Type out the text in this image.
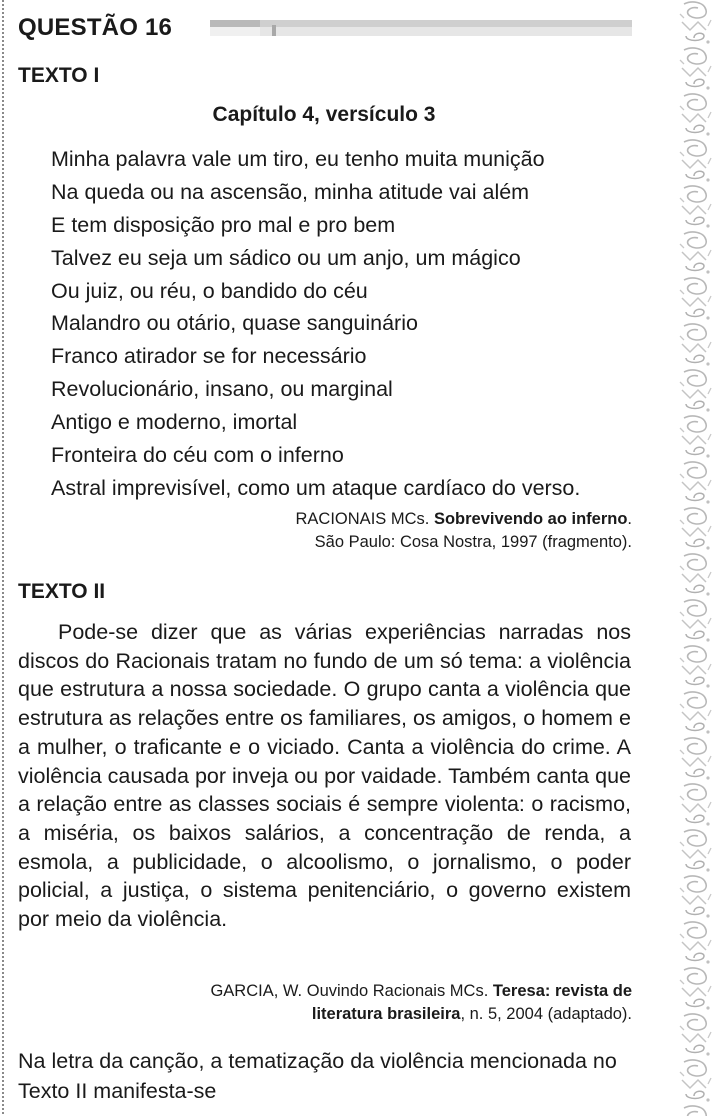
QUESTÃO 16
TEXTO I
Capítulo 4, versículo 3
Minha palavra vale um tiro, eu tenho muita munição
Na queda ou na ascensão, minha atitude vai além
E tem disposição pro mal e pro bem
Talvez eu seja um sádico ou um anjo, um mágico
Ou juiz, ou réu, o bandido do céu
Malandro ou otário, quase sanguinário
Franco atirador se for necessário
Revolucionário, insano, ou marginal
Antigo e moderno, imortal
Fronteira do céu com o inferno
Astral imprevisível, como um ataque cardíaco do verso.
RACIONAIS MCs. Sobrevivendo ao inferno.
São Paulo: Cosa Nostra, 1997 (fragmento).
TEXTO II
Pode-se dizer que as várias experiências narradas nos discos do Racionais tratam no fundo de um só tema: a violência que estrutura a nossa sociedade. O grupo canta a violência que estrutura as relações entre os familiares, os amigos, o homem e a mulher, o traficante e o viciado. Canta a violência do crime. A violência causada por inveja ou por vaidade. Também canta que a relação entre as classes sociais é sempre violenta: o racismo, a miséria, os baixos salários, a concentração de renda, a esmola, a publicidade, o alcoolismo, o jornalismo, o poder policial, a justiça, o sistema penitenciário, o governo existem por meio da violência.
GARCIA, W. Ouvindo Racionais MCs. Teresa: revista de
literatura brasileira, n. 5, 2004 (adaptado).
Na letra da canção, a tematização da violência mencionada no Texto II manifesta-se
